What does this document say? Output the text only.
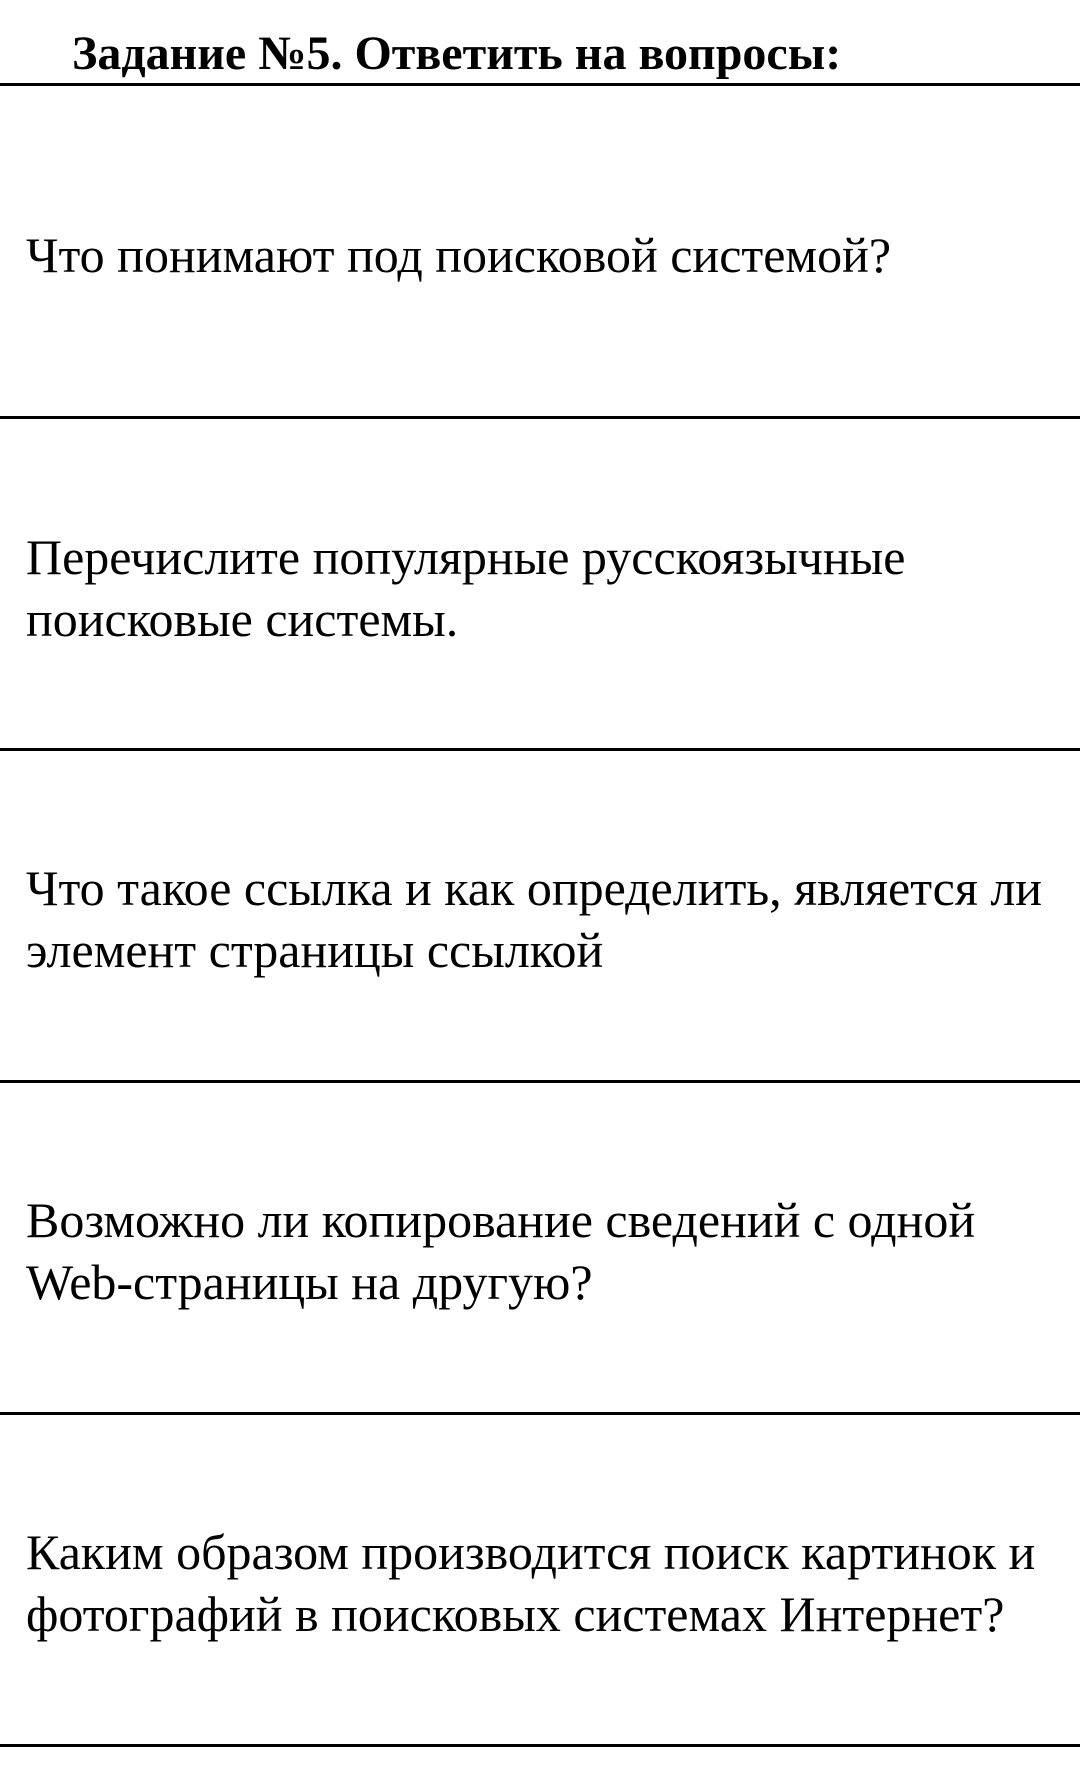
Задание №5. Ответить на вопросы:

Что понимают под поисковой системой?

Перечислите популярные русскоязычные
поисковые системы.

Что такое ссылка и как определить, является ли
элемент страницы ссылкой

Возможно ли копирование сведений с одной
Web-страницы на другую?

Каким образом производится поиск картинок и
фотографий в поисковых системах Интернет?
